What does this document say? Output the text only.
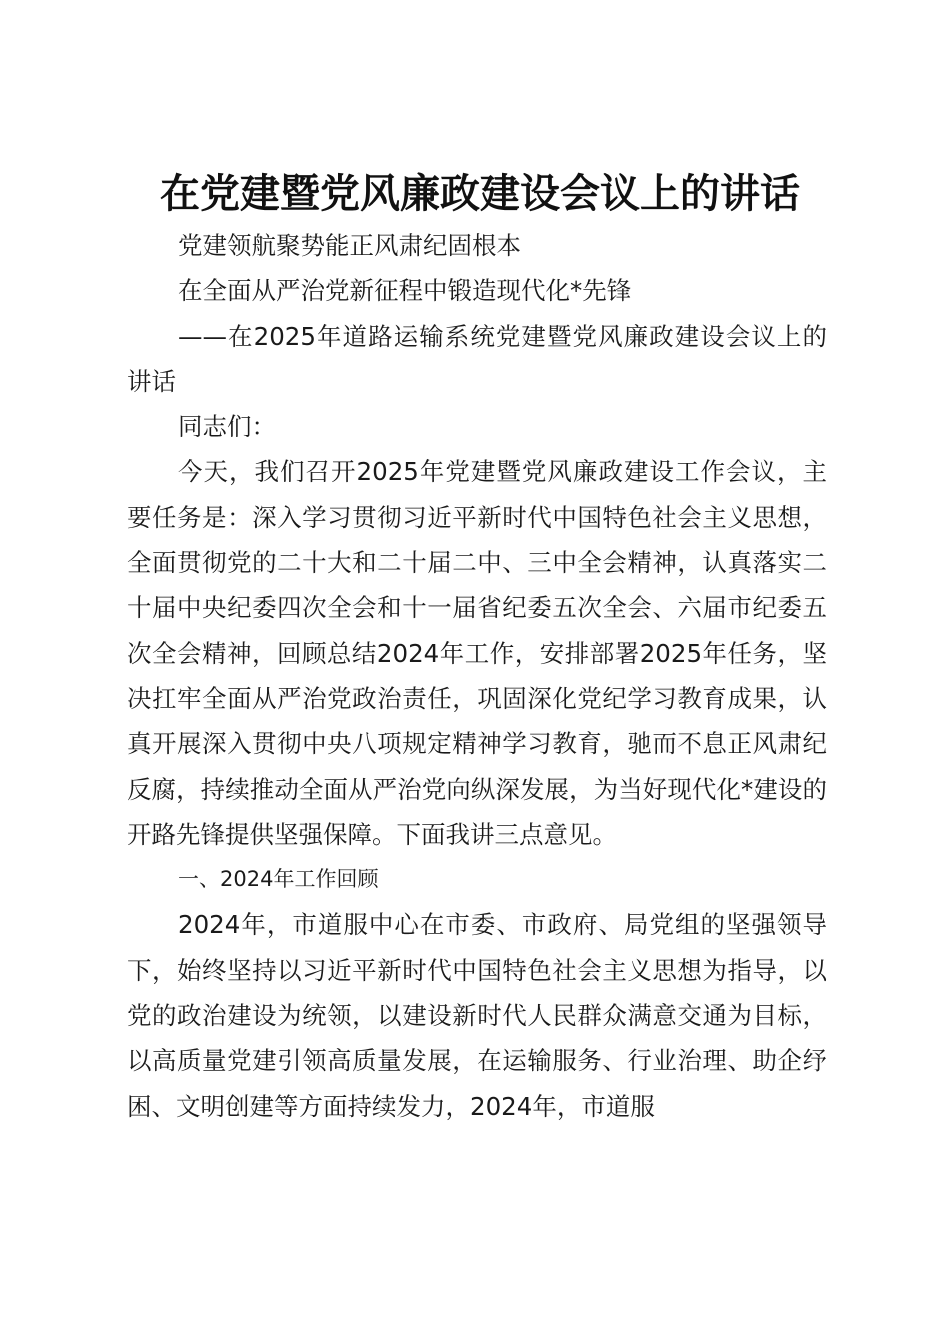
在党建暨党风廉政建设会议上的讲话

党建领航聚势能正风肃纪固根本

在全面从严治党新征程中锻造现代化*先锋

——在2025年道路运输系统党建暨党风廉政建设会议上的讲话

同志们：

今天，我们召开2025年党建暨党风廉政建设工作会议，主要任务是：深入学习贯彻习近平新时代中国特色社会主义思想，全面贯彻党的二十大和二十届二中、三中全会精神，认真落实二十届中央纪委四次全会和十一届省纪委五次全会、六届市纪委五次全会精神，回顾总结2024年工作，安排部署2025年任务，坚决扛牢全面从严治党政治责任，巩固深化党纪学习教育成果，认真开展深入贯彻中央八项规定精神学习教育，驰而不息正风肃纪反腐，持续推动全面从严治党向纵深发展，为当好现代化*建设的开路先锋提供坚强保障。下面我讲三点意见。

一、2024年工作回顾

2024年，市道服中心在市委、市政府、局党组的坚强领导下，始终坚持以习近平新时代中国特色社会主义思想为指导，以党的政治建设为统领，以建设新时代人民群众满意交通为目标，以高质量党建引领高质量发展，在运输服务、行业治理、助企纾困、文明创建等方面持续发力，2024年，市道服
